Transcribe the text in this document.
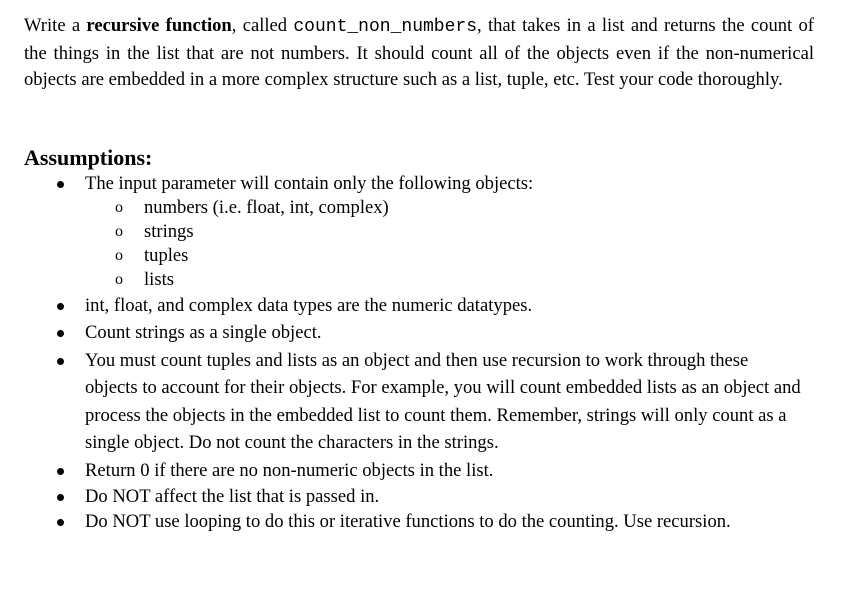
Write a recursive function, called count_non_numbers, that takes in a list and returns the count of the things in the list that are not numbers. It should count all of the objects even if the non-numerical objects are embedded in a more complex structure such as a list, tuple, etc. Test your code thoroughly.

Assumptions:

The input parameter will contain only the following objects:

o numbers (i.e. float, int, complex)

o strings

o tuples

o lists

int, float, and complex data types are the numeric datatypes.

Count strings as a single object.

You must count tuples and lists as an object and then use recursion to work through these objects to account for their objects. For example, you will count embedded lists as an object and process the objects in the embedded list to count them. Remember, strings will only count as a single object. Do not count the characters in the strings.

Return 0 if there are no non-numeric objects in the list.

Do NOT affect the list that is passed in.

Do NOT use looping to do this or iterative functions to do the counting. Use recursion.
